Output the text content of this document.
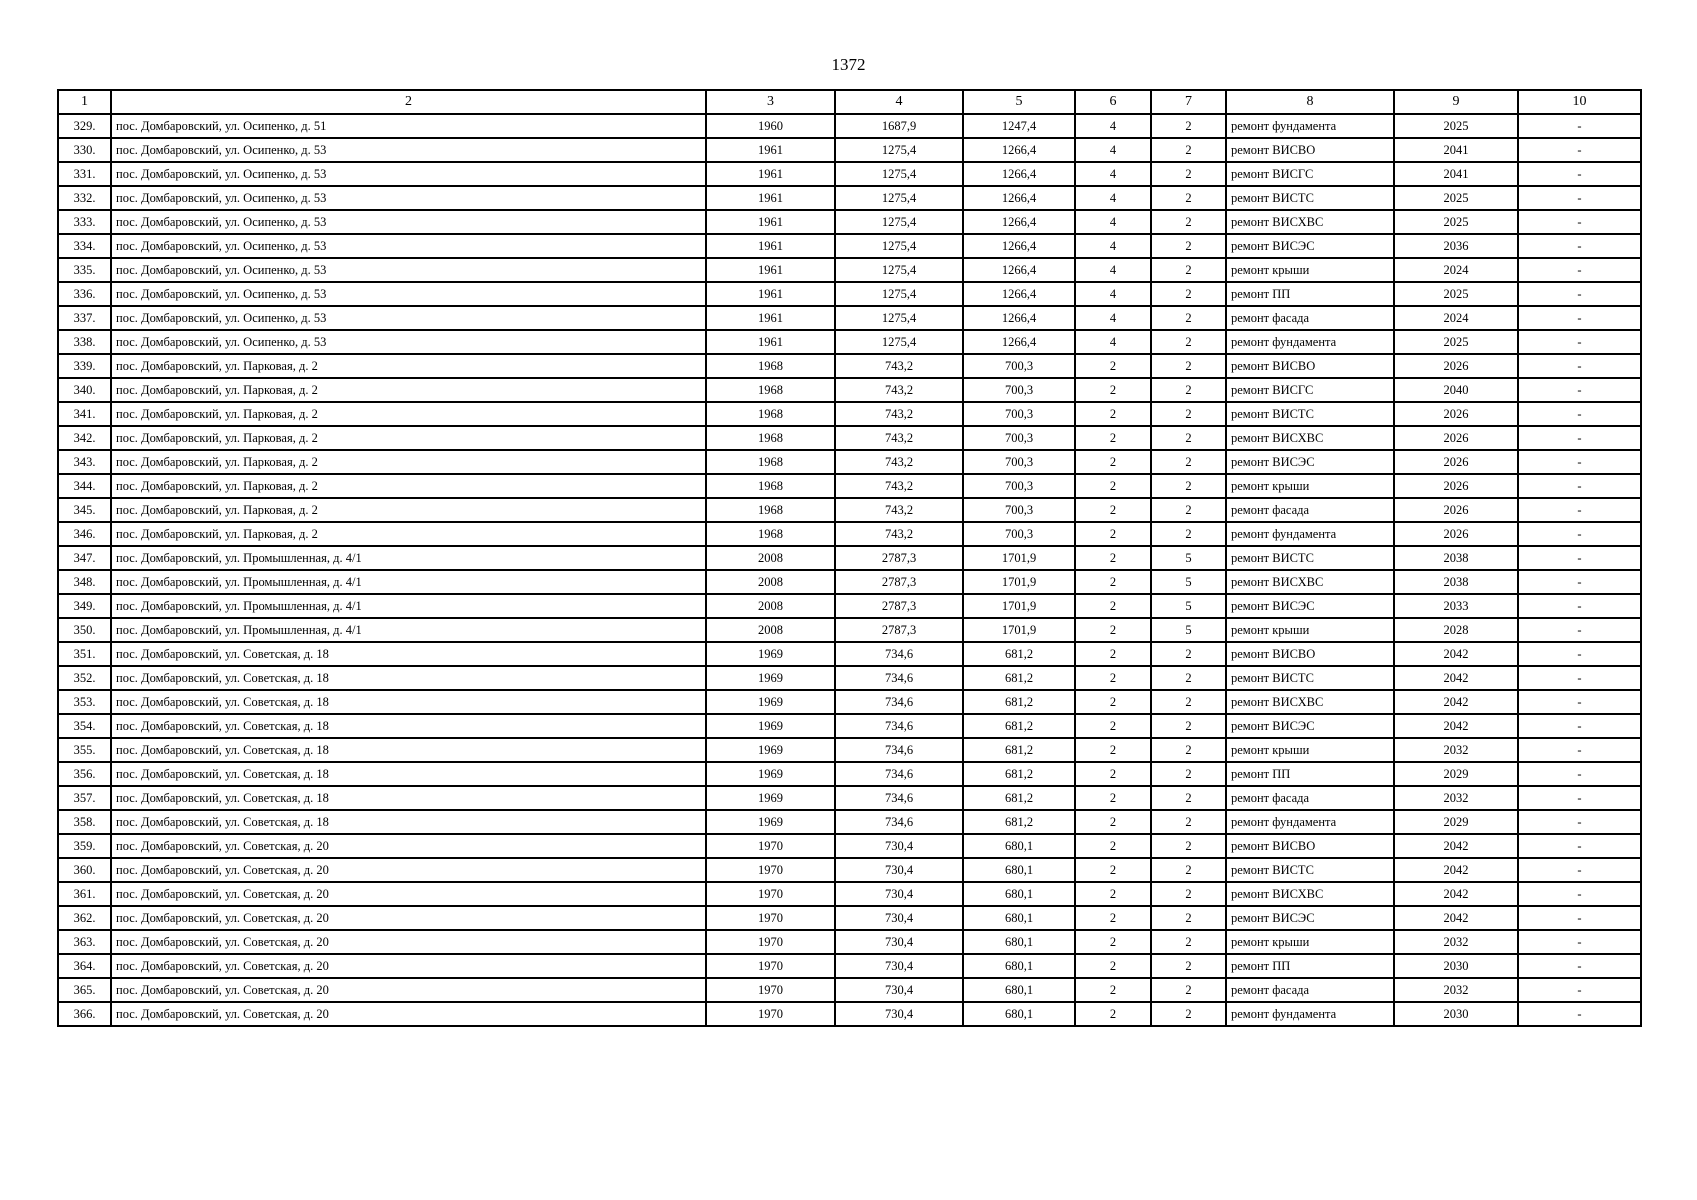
1372
1	2	3	4	5	6	7	8	9	10
329.	пос. Домбаровский, ул. Осипенко, д. 51	1960	1687,9	1247,4	4	2	ремонт фундамента	2025	-
330.	пос. Домбаровский, ул. Осипенко, д. 53	1961	1275,4	1266,4	4	2	ремонт ВИСВО	2041	-
331.	пос. Домбаровский, ул. Осипенко, д. 53	1961	1275,4	1266,4	4	2	ремонт ВИСГС	2041	-
332.	пос. Домбаровский, ул. Осипенко, д. 53	1961	1275,4	1266,4	4	2	ремонт ВИСТС	2025	-
333.	пос. Домбаровский, ул. Осипенко, д. 53	1961	1275,4	1266,4	4	2	ремонт ВИСХВС	2025	-
334.	пос. Домбаровский, ул. Осипенко, д. 53	1961	1275,4	1266,4	4	2	ремонт ВИСЭС	2036	-
335.	пос. Домбаровский, ул. Осипенко, д. 53	1961	1275,4	1266,4	4	2	ремонт крыши	2024	-
336.	пос. Домбаровский, ул. Осипенко, д. 53	1961	1275,4	1266,4	4	2	ремонт ПП	2025	-
337.	пос. Домбаровский, ул. Осипенко, д. 53	1961	1275,4	1266,4	4	2	ремонт фасада	2024	-
338.	пос. Домбаровский, ул. Осипенко, д. 53	1961	1275,4	1266,4	4	2	ремонт фундамента	2025	-
339.	пос. Домбаровский, ул. Парковая, д. 2	1968	743,2	700,3	2	2	ремонт ВИСВО	2026	-
340.	пос. Домбаровский, ул. Парковая, д. 2	1968	743,2	700,3	2	2	ремонт ВИСГС	2040	-
341.	пос. Домбаровский, ул. Парковая, д. 2	1968	743,2	700,3	2	2	ремонт ВИСТС	2026	-
342.	пос. Домбаровский, ул. Парковая, д. 2	1968	743,2	700,3	2	2	ремонт ВИСХВС	2026	-
343.	пос. Домбаровский, ул. Парковая, д. 2	1968	743,2	700,3	2	2	ремонт ВИСЭС	2026	-
344.	пос. Домбаровский, ул. Парковая, д. 2	1968	743,2	700,3	2	2	ремонт крыши	2026	-
345.	пос. Домбаровский, ул. Парковая, д. 2	1968	743,2	700,3	2	2	ремонт фасада	2026	-
346.	пос. Домбаровский, ул. Парковая, д. 2	1968	743,2	700,3	2	2	ремонт фундамента	2026	-
347.	пос. Домбаровский, ул. Промышленная, д. 4/1	2008	2787,3	1701,9	2	5	ремонт ВИСТС	2038	-
348.	пос. Домбаровский, ул. Промышленная, д. 4/1	2008	2787,3	1701,9	2	5	ремонт ВИСХВС	2038	-
349.	пос. Домбаровский, ул. Промышленная, д. 4/1	2008	2787,3	1701,9	2	5	ремонт ВИСЭС	2033	-
350.	пос. Домбаровский, ул. Промышленная, д. 4/1	2008	2787,3	1701,9	2	5	ремонт крыши	2028	-
351.	пос. Домбаровский, ул. Советская, д. 18	1969	734,6	681,2	2	2	ремонт ВИСВО	2042	-
352.	пос. Домбаровский, ул. Советская, д. 18	1969	734,6	681,2	2	2	ремонт ВИСТС	2042	-
353.	пос. Домбаровский, ул. Советская, д. 18	1969	734,6	681,2	2	2	ремонт ВИСХВС	2042	-
354.	пос. Домбаровский, ул. Советская, д. 18	1969	734,6	681,2	2	2	ремонт ВИСЭС	2042	-
355.	пос. Домбаровский, ул. Советская, д. 18	1969	734,6	681,2	2	2	ремонт крыши	2032	-
356.	пос. Домбаровский, ул. Советская, д. 18	1969	734,6	681,2	2	2	ремонт ПП	2029	-
357.	пос. Домбаровский, ул. Советская, д. 18	1969	734,6	681,2	2	2	ремонт фасада	2032	-
358.	пос. Домбаровский, ул. Советская, д. 18	1969	734,6	681,2	2	2	ремонт фундамента	2029	-
359.	пос. Домбаровский, ул. Советская, д. 20	1970	730,4	680,1	2	2	ремонт ВИСВО	2042	-
360.	пос. Домбаровский, ул. Советская, д. 20	1970	730,4	680,1	2	2	ремонт ВИСТС	2042	-
361.	пос. Домбаровский, ул. Советская, д. 20	1970	730,4	680,1	2	2	ремонт ВИСХВС	2042	-
362.	пос. Домбаровский, ул. Советская, д. 20	1970	730,4	680,1	2	2	ремонт ВИСЭС	2042	-
363.	пос. Домбаровский, ул. Советская, д. 20	1970	730,4	680,1	2	2	ремонт крыши	2032	-
364.	пос. Домбаровский, ул. Советская, д. 20	1970	730,4	680,1	2	2	ремонт ПП	2030	-
365.	пос. Домбаровский, ул. Советская, д. 20	1970	730,4	680,1	2	2	ремонт фасада	2032	-
366.	пос. Домбаровский, ул. Советская, д. 20	1970	730,4	680,1	2	2	ремонт фундамента	2030	-
